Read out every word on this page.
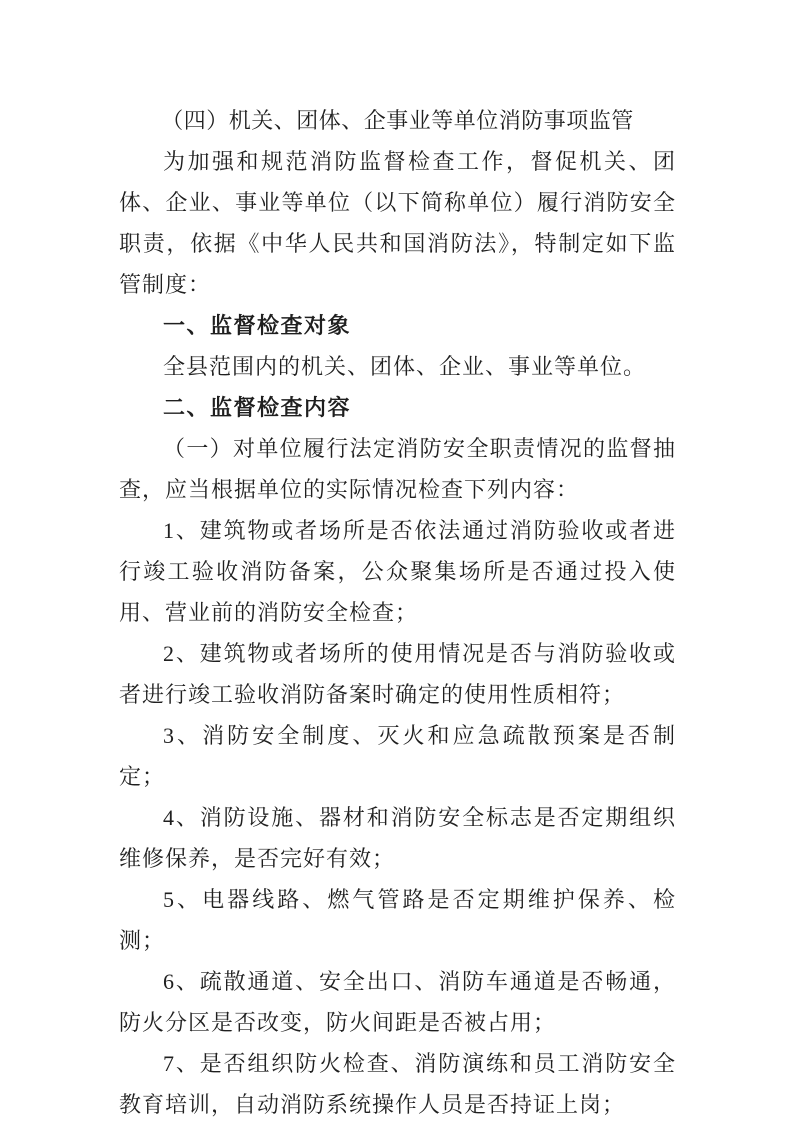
（四）机关、团体、企事业等单位消防事项监管

为加强和规范消防监督检查工作，督促机关、团体、企业、事业等单位（以下简称单位）履行消防安全职责，依据《中华人民共和国消防法》，特制定如下监管制度：

一、监督检查对象

全县范围内的机关、团体、企业、事业等单位。

二、监督检查内容

（一）对单位履行法定消防安全职责情况的监督抽查，应当根据单位的实际情况检查下列内容：

1、建筑物或者场所是否依法通过消防验收或者进行竣工验收消防备案，公众聚集场所是否通过投入使用、营业前的消防安全检查；

2、建筑物或者场所的使用情况是否与消防验收或者进行竣工验收消防备案时确定的使用性质相符；

3、消防安全制度、灭火和应急疏散预案是否制定；

4、消防设施、器材和消防安全标志是否定期组织维修保养，是否完好有效；

5、电器线路、燃气管路是否定期维护保养、检测；

6、疏散通道、安全出口、消防车通道是否畅通，防火分区是否改变，防火间距是否被占用；

7、是否组织防火检查、消防演练和员工消防安全教育培训，自动消防系统操作人员是否持证上岗；
